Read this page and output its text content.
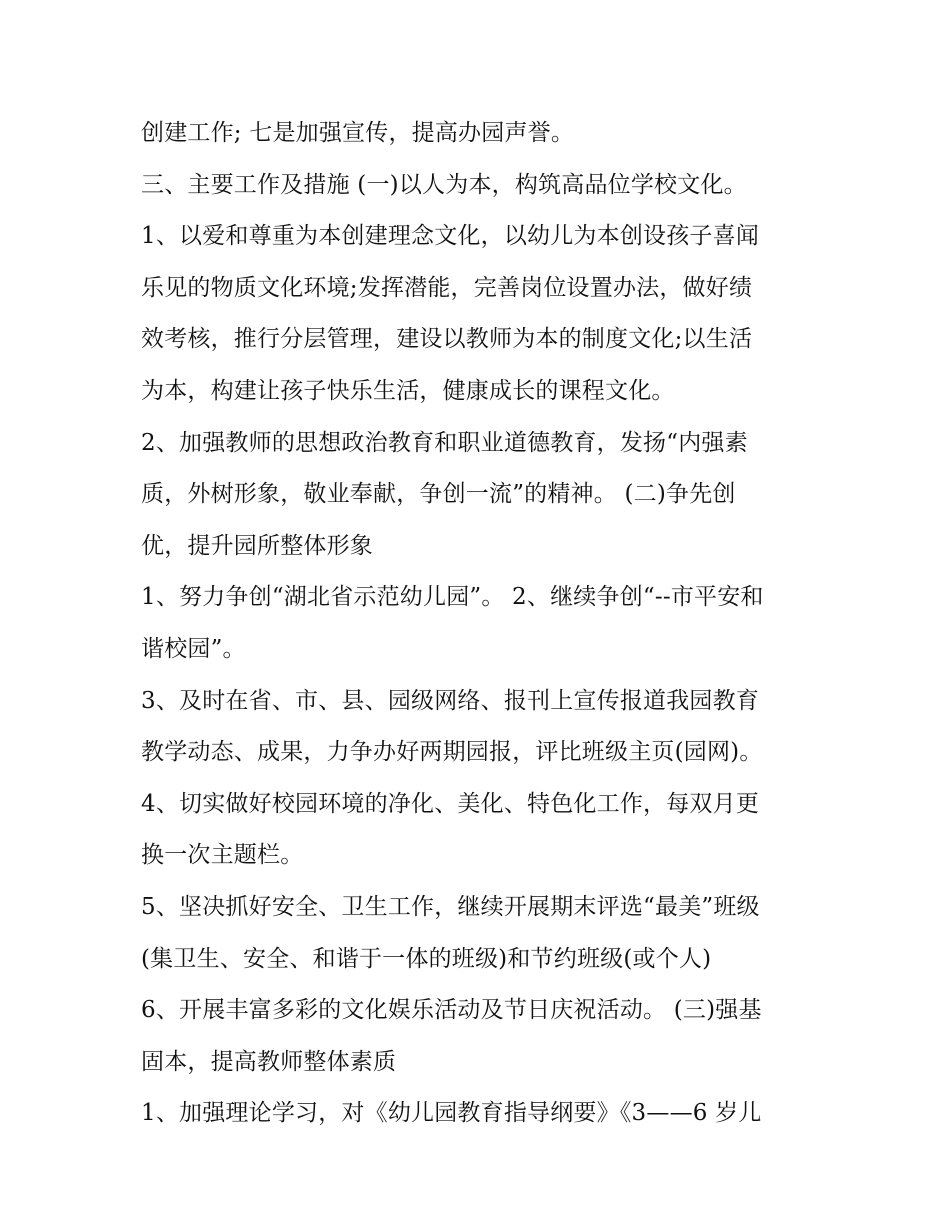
创建工作; 七是加强宣传，提高办园声誉。
三、主要工作及措施 (一)以人为本，构筑高品位学校文化。
1、以爱和尊重为本创建理念文化，以幼儿为本创设孩子喜闻
乐见的物质文化环境;发挥潜能，完善岗位设置办法，做好绩
效考核，推行分层管理，建设以教师为本的制度文化;以生活
为本，构建让孩子快乐生活，健康成长的课程文化。
2、加强教师的思想政治教育和职业道德教育，发扬“内强素
质，外树形象，敬业奉献，争创一流”的精神。 (二)争先创
优，提升园所整体形象
1、努力争创“湖北省示范幼儿园”。 2、继续争创“--市平安和
谐校园”。
3、及时在省、市、县、园级网络、报刊上宣传报道我园教育
教学动态、成果，力争办好两期园报，评比班级主页(园网)。
4、切实做好校园环境的净化、美化、特色化工作，每双月更
换一次主题栏。
5、坚决抓好安全、卫生工作，继续开展期末评选“最美”班级
(集卫生、安全、和谐于一体的班级)和节约班级(或个人)
6、开展丰富多彩的文化娱乐活动及节日庆祝活动。 (三)强基
固本，提高教师整体素质
1、加强理论学习，对《幼儿园教育指导纲要》《3——6 岁儿
